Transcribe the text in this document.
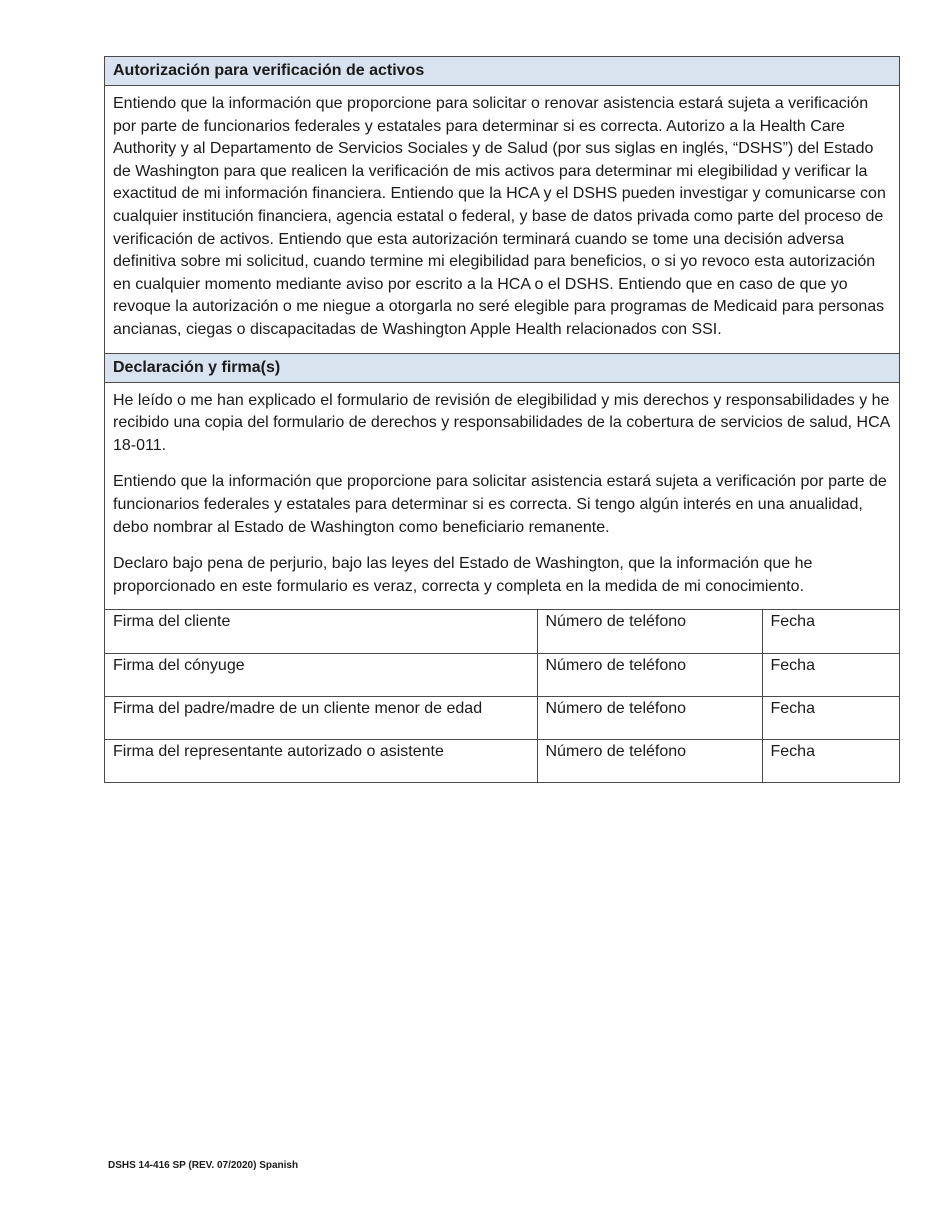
Autorización para verificación de activos

Entiendo que la información que proporcione para solicitar o renovar asistencia estará sujeta a verificación por parte de funcionarios federales y estatales para determinar si es correcta. Autorizo a la Health Care Authority y al Departamento de Servicios Sociales y de Salud (por sus siglas en inglés, “DSHS”) del Estado de Washington para que realicen la verificación de mis activos para determinar mi elegibilidad y verificar la exactitud de mi información financiera. Entiendo que la HCA y el DSHS pueden investigar y comunicarse con cualquier institución financiera, agencia estatal o federal, y base de datos privada como parte del proceso de verificación de activos. Entiendo que esta autorización terminará cuando se tome una decisión adversa definitiva sobre mi solicitud, cuando termine mi elegibilidad para beneficios, o si yo revoco esta autorización en cualquier momento mediante aviso por escrito a la HCA o el DSHS. Entiendo que en caso de que yo revoque la autorización o me niegue a otorgarla no seré elegible para programas de Medicaid para personas ancianas, ciegas o discapacitadas de Washington Apple Health relacionados con SSI.

Declaración y firma(s)

He leído o me han explicado el formulario de revisión de elegibilidad y mis derechos y responsabilidades y he recibido una copia del formulario de derechos y responsabilidades de la cobertura de servicios de salud, HCA 18-011.

Entiendo que la información que proporcione para solicitar asistencia estará sujeta a verificación por parte de funcionarios federales y estatales para determinar si es correcta. Si tengo algún interés en una anualidad, debo nombrar al Estado de Washington como beneficiario remanente.

Declaro bajo pena de perjurio, bajo las leyes del Estado de Washington, que la información que he proporcionado en este formulario es veraz, correcta y completa en la medida de mi conocimiento.

Firma del cliente	Número de teléfono	Fecha
Firma del cónyuge	Número de teléfono	Fecha
Firma del padre/madre de un cliente menor de edad	Número de teléfono	Fecha
Firma del representante autorizado o asistente	Número de teléfono	Fecha
DSHS 14-416 SP (REV. 07/2020) Spanish
